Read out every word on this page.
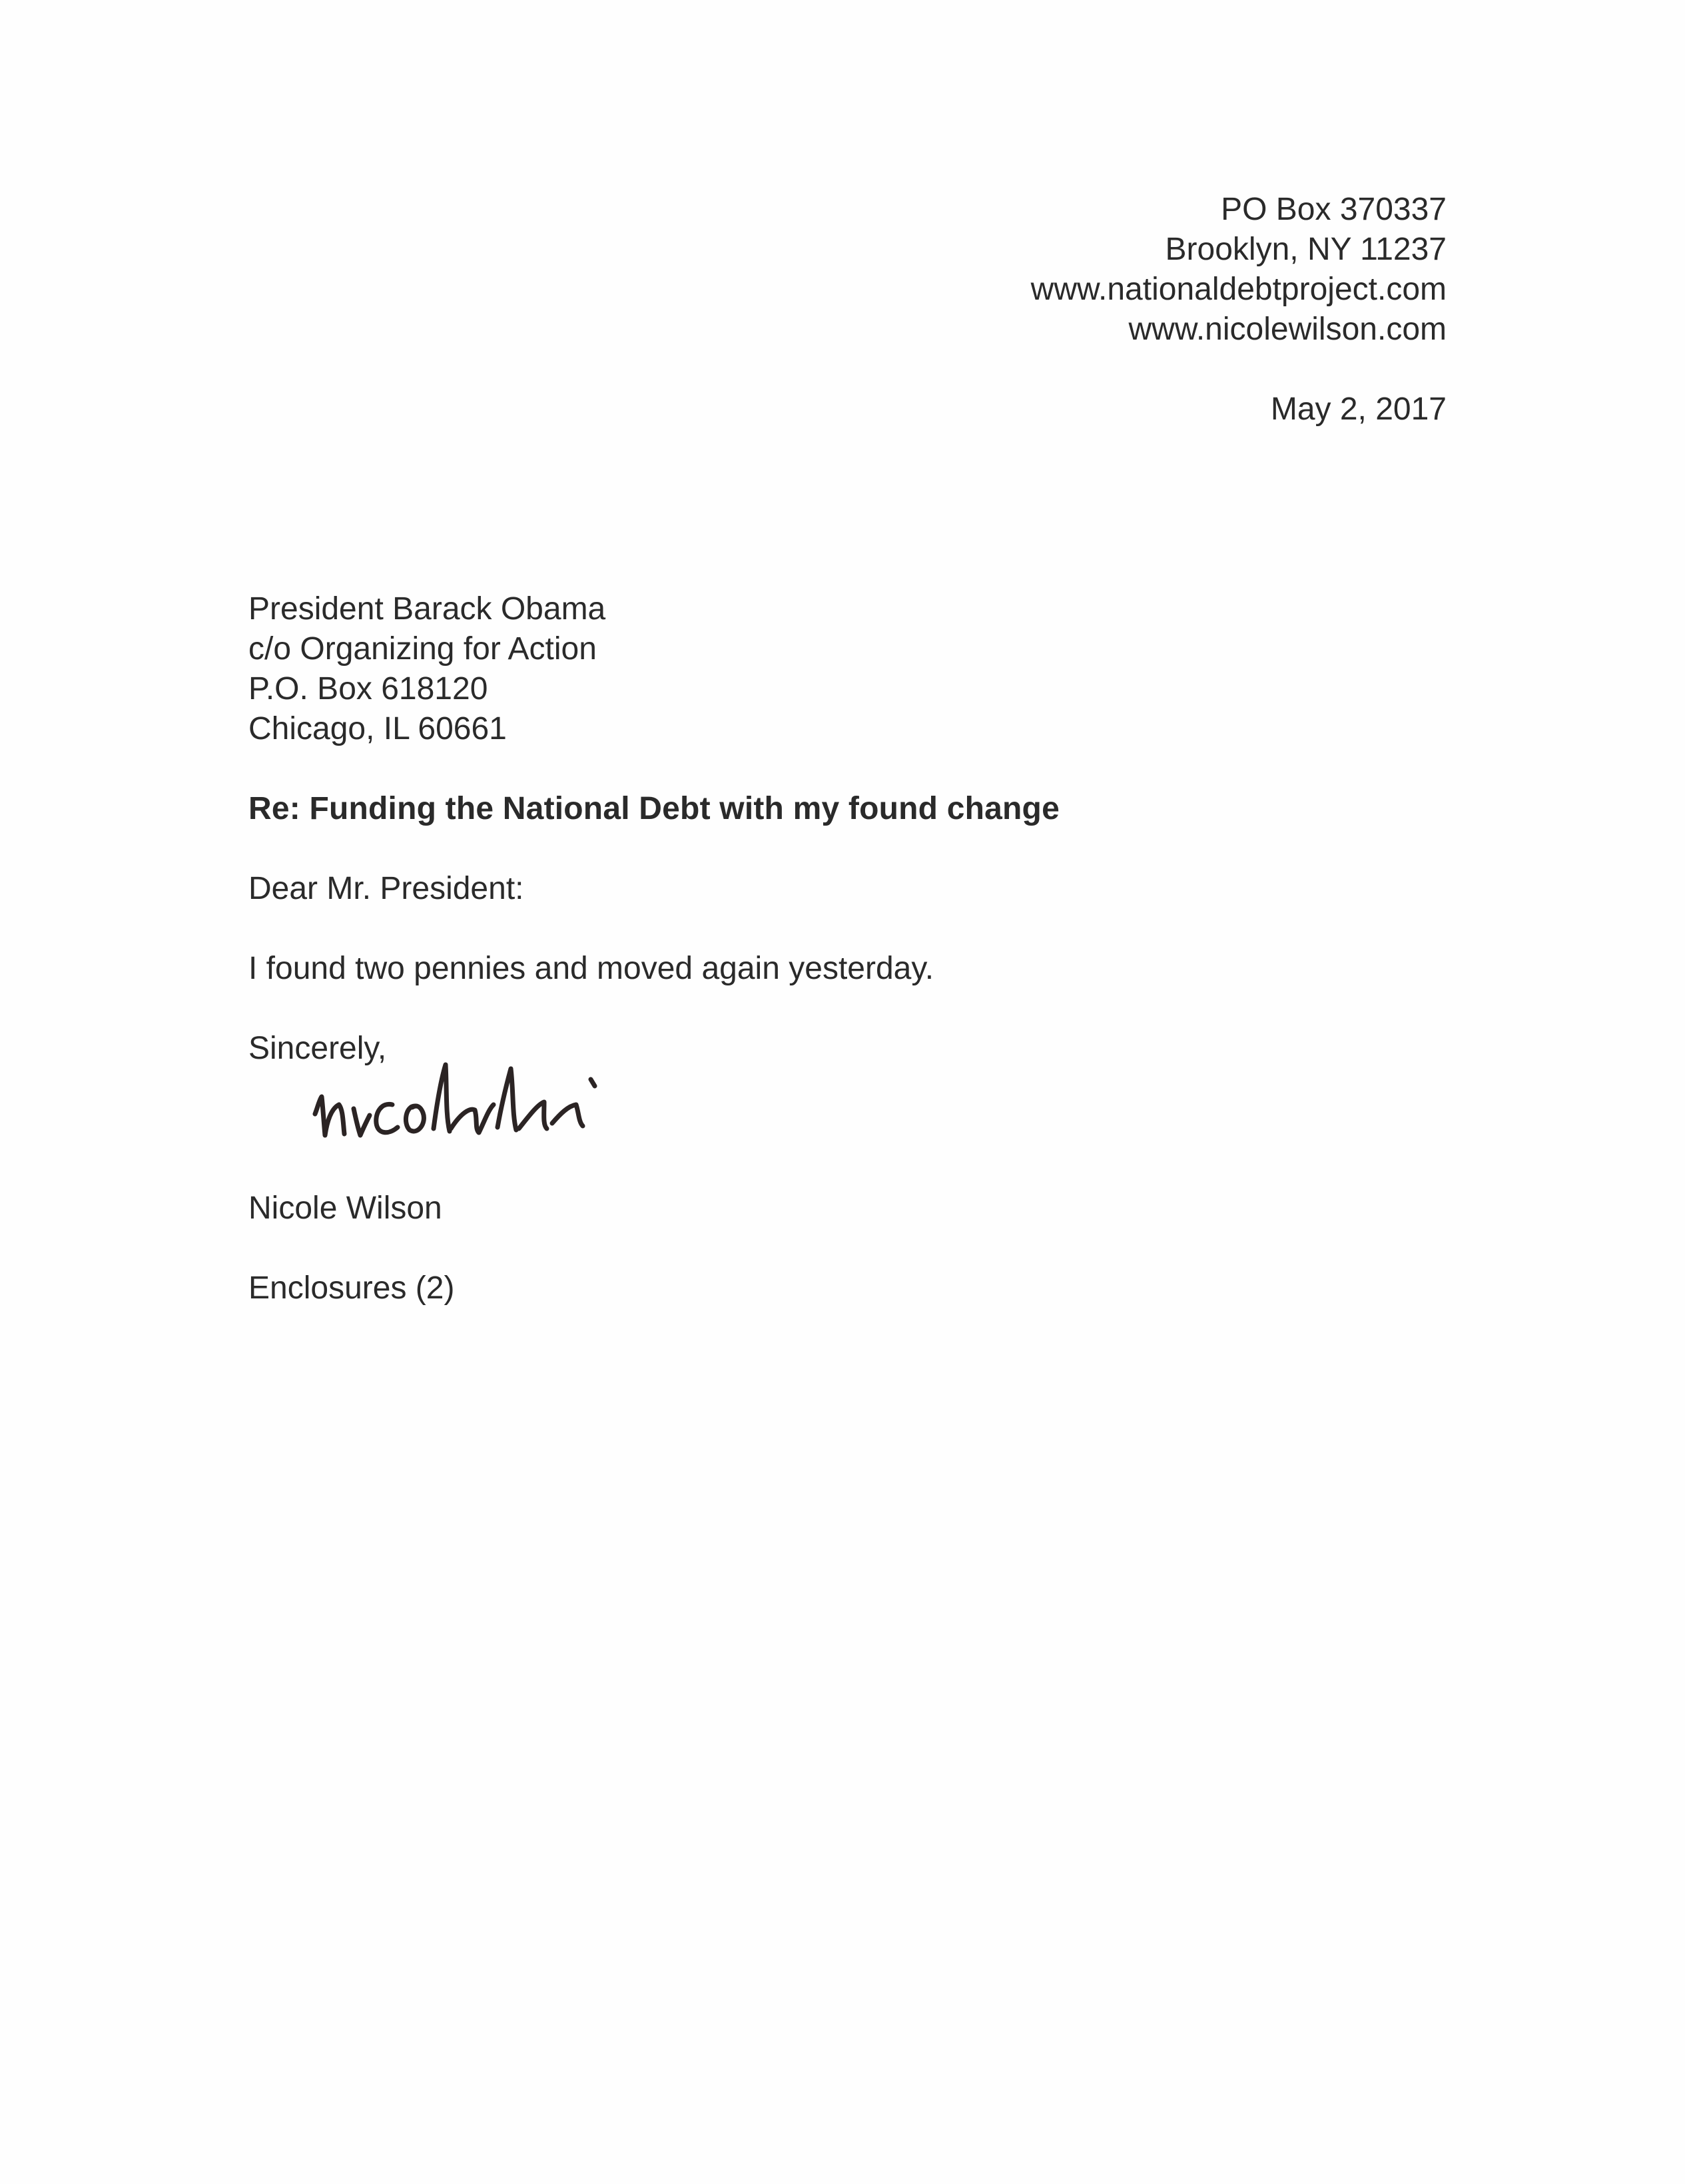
PO Box 370337
Brooklyn, NY 11237
www.nationaldebtproject.com
www.nicolewilson.com
May 2, 2017
President Barack Obama
c/o Organizing for Action
P.O. Box 618120
Chicago, IL 60661
Re: Funding the National Debt with my found change
Dear Mr. President:
I found two pennies and moved again yesterday.
Sincerely,
Nicole Wilson
Enclosures (2)
